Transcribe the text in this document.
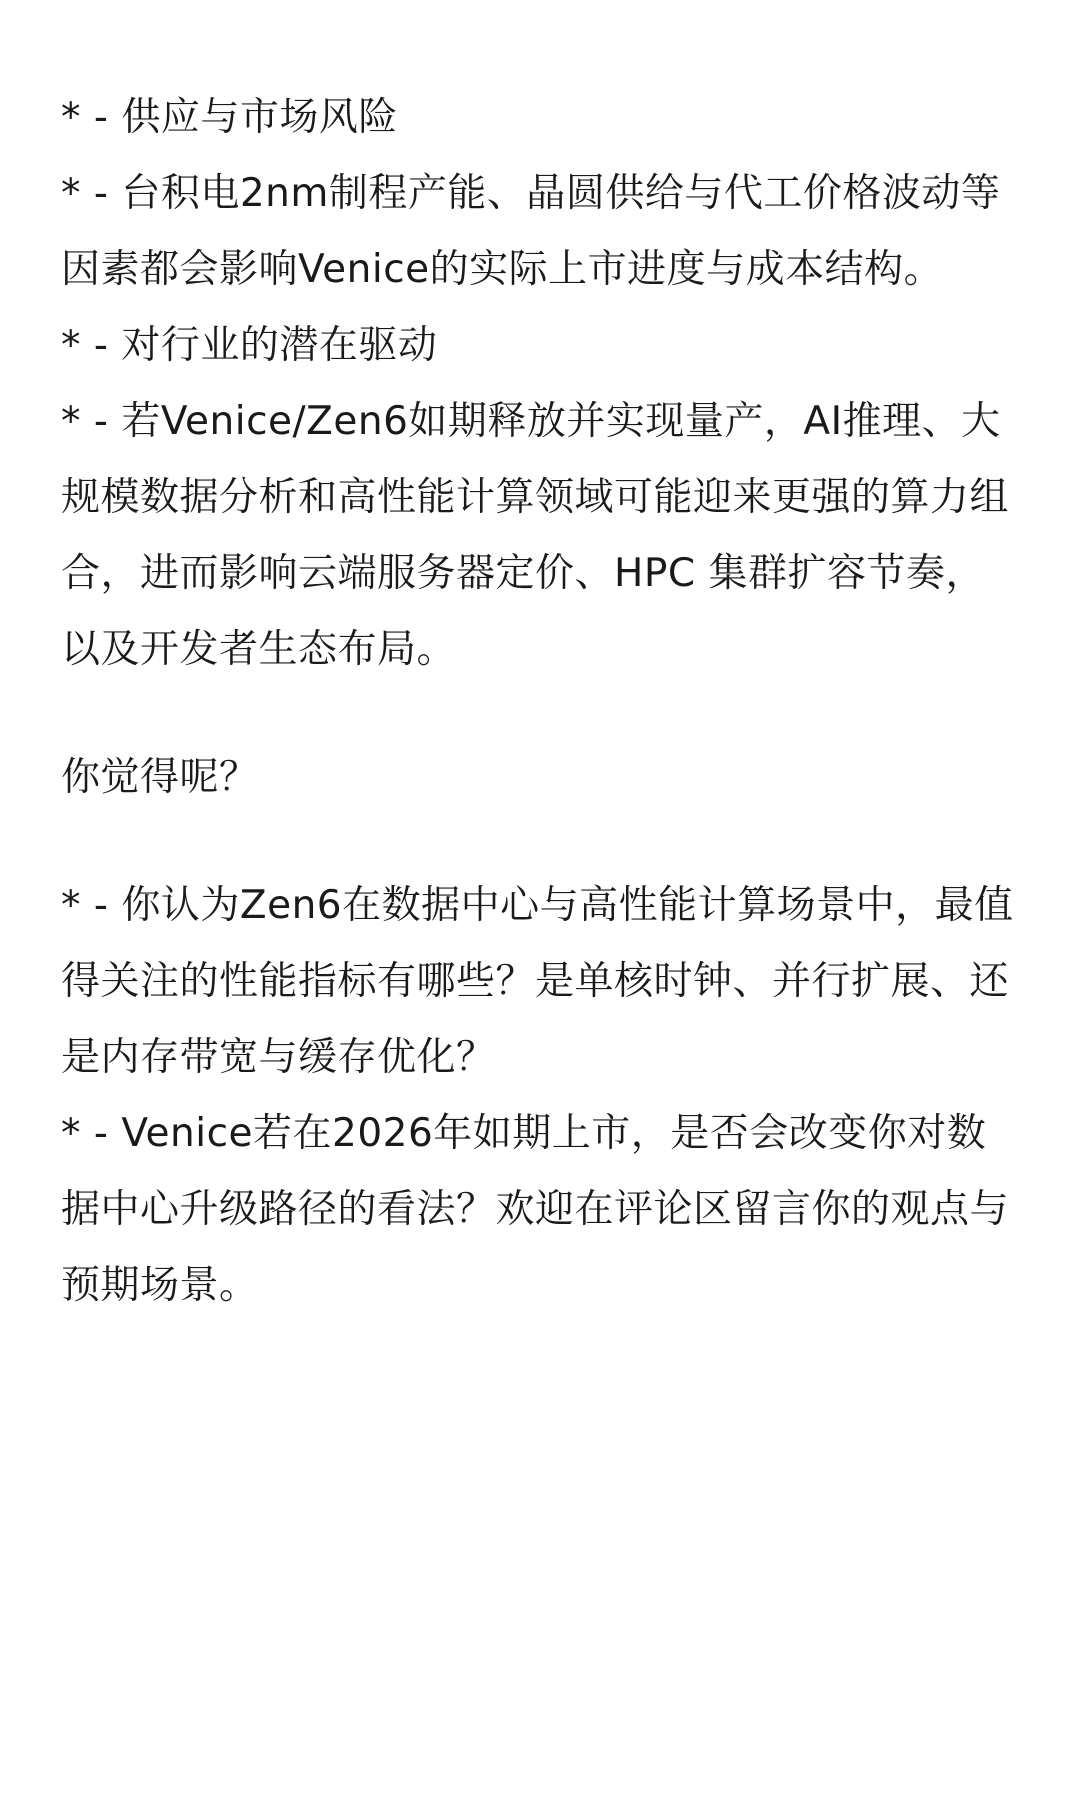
* - 供应与市场风险

* - 台积电2nm制程产能、晶圆供给与代工价格波动等因素都会影响Venice的实际上市进度与成本结构。

* - 对行业的潜在驱动

* - 若Venice/Zen6如期释放并实现量产，AI推理、大规模数据分析和高性能计算领域可能迎来更强的算力组合，进而影响云端服务器定价、HPC 集群扩容节奏，以及开发者生态布局。

你觉得呢？

* - 你认为Zen6在数据中心与高性能计算场景中，最值得关注的性能指标有哪些？是单核时钟、并行扩展、还是内存带宽与缓存优化？

* - Venice若在2026年如期上市，是否会改变你对数据中心升级路径的看法？欢迎在评论区留言你的观点与预期场景。
